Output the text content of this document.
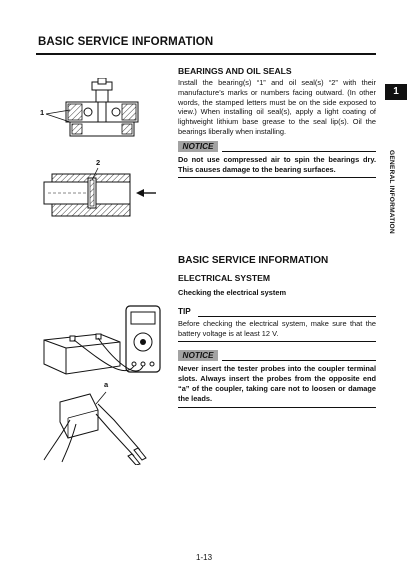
BASIC SERVICE INFORMATION
1
GENERAL INFORMATION
BEARINGS AND OIL SEALS
Install the bearing(s) “1” and oil seal(s) “2” with their manufacture’s marks or numbers facing outward. (In other words, the stamped letters must be on the side exposed to view.) When installing oil seal(s), apply a light coating of lightweight lithium base grease to the seal lip(s). Oil the bearings liberally when installing.
NOTICE
Do not use compressed air to spin the bearings dry. This causes damage to the bearing surfaces.
BASIC SERVICE INFORMATION
ELECTRICAL SYSTEM
Checking the electrical system
TIP
Before checking the electrical system, make sure that the battery voltage is at least 12 V.
NOTICE
Never insert the tester probes into the coupler terminal slots. Always insert the probes from the opposite end “a” of the coupler, taking care not to loosen or damage the leads.
1
2
a
1-13
